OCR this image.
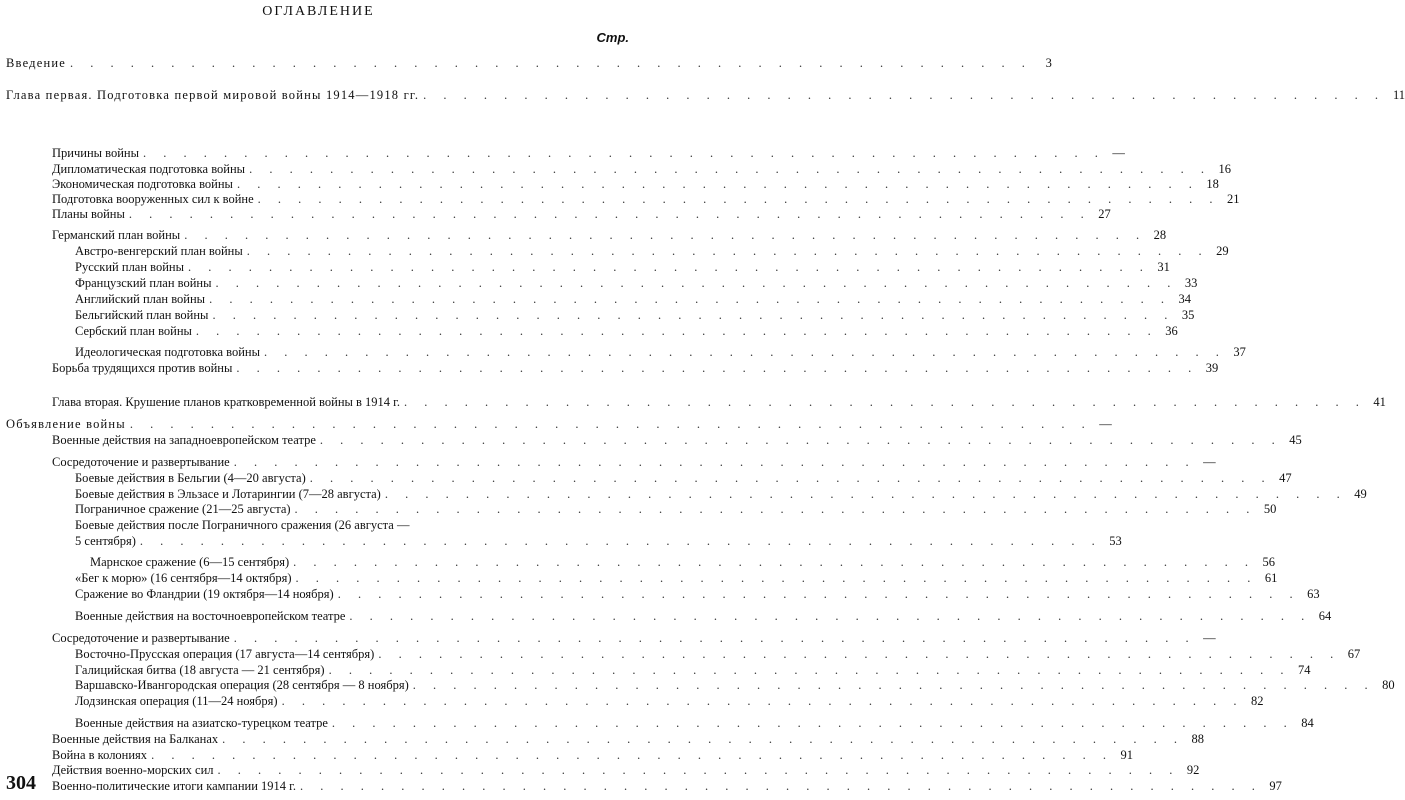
ОГЛАВЛЕНИЕ
Стр.
Введение . . . . . . . . . . . . . . . . . . . . . . . . . . . . . . . . . . . . . . . . . . . . . . . .	3
Глава первая. Подготовка первой мировой войны 1914—1918 гг. . . . . . . . . . . . . . . . . . . . . . . . . . . . . . . . . . . . . . . . . . . . . . . . . 11
Причины войны . . . . . . . . . . . . . . . . . . . . . . . . . . . . . . . . . . . . . . . . . . . . . . . . —
Дипломатическая подготовка войны . . . . . . . . . . . . . . . . . . . . . . . . . . . . . . . . . . . . . . . . . . . . . . . . 16
Экономическая подготовка войны . . . . . . . . . . . . . . . . . . . . . . . . . . . . . . . . . . . . . . . . . . . . . . . . 18
Подготовка вооруженных сил к войне . . . . . . . . . . . . . . . . . . . . . . . . . . . . . . . . . . . . . . . . . . . . . . . . 21
Планы войны . . . . . . . . . . . . . . . . . . . . . . . . . . . . . . . . . . . . . . . . . . . . . . . . 27
Германский план войны . . . . . . . . . . . . . . . . . . . . . . . . . . . . . . . . . . . . . . . . . . . . . . . . 28
Австро-венгерский план войны . . . . . . . . . . . . . . . . . . . . . . . . . . . . . . . . . . . . . . . . . . . . . . . . 29
Русский план войны . . . . . . . . . . . . . . . . . . . . . . . . . . . . . . . . . . . . . . . . . . . . . . . . 31
Французский план войны . . . . . . . . . . . . . . . . . . . . . . . . . . . . . . . . . . . . . . . . . . . . . . . . 33
Английский план войны . . . . . . . . . . . . . . . . . . . . . . . . . . . . . . . . . . . . . . . . . . . . . . . . 34
Бельгийский план войны . . . . . . . . . . . . . . . . . . . . . . . . . . . . . . . . . . . . . . . . . . . . . . . . 35
Сербский план войны . . . . . . . . . . . . . . . . . . . . . . . . . . . . . . . . . . . . . . . . . . . . . . . . 36
Идеологическая подготовка войны . . . . . . . . . . . . . . . . . . . . . . . . . . . . . . . . . . . . . . . . . . . . . . . . 37
Борьба трудящихся против войны . . . . . . . . . . . . . . . . . . . . . . . . . . . . . . . . . . . . . . . . . . . . . . . . 39
Глава вторая. Крушение планов кратковременной войны в 1914 г. . . . . . . . . . . . . . . . . . . . . . . . . . . . . . . . . . . . . . . . . . . . . . . . . 41
Объявление войны . . . . . . . . . . . . . . . . . . . . . . . . . . . . . . . . . . . . . . . . . . . . . . . . —
Военные действия на западноевропейском театре . . . . . . . . . . . . . . . . . . . . . . . . . . . . . . . . . . . . . . . . . . . . . . . . 45
Сосредоточение и развертывание . . . . . . . . . . . . . . . . . . . . . . . . . . . . . . . . . . . . . . . . . . . . . . . . —
Боевые действия в Бельгии (4—20 августа) . . . . . . . . . . . . . . . . . . . . . . . . . . . . . . . . . . . . . . . . . . . . . . . . 47
Боевые действия в Эльзасе и Лотарингии (7—28 августа) . . . . . . . . . . . . . . . . . . . . . . . . . . . . . . . . . . . . . . . . . . . . . . . . 49
Пограничное сражение (21—25 августа) . . . . . . . . . . . . . . . . . . . . . . . . . . . . . . . . . . . . . . . . . . . . . . . . 50
Боевые действия после Пограничного сражения (26 августа —
5 сентября) . . . . . . . . . . . . . . . . . . . . . . . . . . . . . . . . . . . . . . . . . . . . . . . . 53
Марнское сражение (6—15 сентября) . . . . . . . . . . . . . . . . . . . . . . . . . . . . . . . . . . . . . . . . . . . . . . . . 56
«Бег к морю» (16 сентября—14 октября) . . . . . . . . . . . . . . . . . . . . . . . . . . . . . . . . . . . . . . . . . . . . . . . . 61
Сражение во Фландрии (19 октября—14 ноября) . . . . . . . . . . . . . . . . . . . . . . . . . . . . . . . . . . . . . . . . . . . . . . . . 63
Военные действия на восточноевропейском театре . . . . . . . . . . . . . . . . . . . . . . . . . . . . . . . . . . . . . . . . . . . . . . . . 64
Сосредоточение и развертывание . . . . . . . . . . . . . . . . . . . . . . . . . . . . . . . . . . . . . . . . . . . . . . . . —
Восточно-Прусская операция (17 августа—14 сентября) . . . . . . . . . . . . . . . . . . . . . . . . . . . . . . . . . . . . . . . . . . . . . . . . 67
Галицийская битва (18 августа — 21 сентября) . . . . . . . . . . . . . . . . . . . . . . . . . . . . . . . . . . . . . . . . . . . . . . . . 74
Варшавско-Ивангородская операция (28 сентября — 8 ноября) . . . . . . . . . . . . . . . . . . . . . . . . . . . . . . . . . . . . . . . . . . . . . . . . 80
Лодзинская операция (11—24 ноября) . . . . . . . . . . . . . . . . . . . . . . . . . . . . . . . . . . . . . . . . . . . . . . . . 82
Военные действия на азиатско-турецком театре . . . . . . . . . . . . . . . . . . . . . . . . . . . . . . . . . . . . . . . . . . . . . . . . 84
Военные действия на Балканах . . . . . . . . . . . . . . . . . . . . . . . . . . . . . . . . . . . . . . . . . . . . . . . . 88
Война в колониях . . . . . . . . . . . . . . . . . . . . . . . . . . . . . . . . . . . . . . . . . . . . . . . . 91
Действия военно-морских сил . . . . . . . . . . . . . . . . . . . . . . . . . . . . . . . . . . . . . . . . . . . . . . . . 92
Военно-политические итоги кампании 1914 г. . . . . . . . . . . . . . . . . . . . . . . . . . . . . . . . . . . . . . . . . . . . . . . . . 97
304
